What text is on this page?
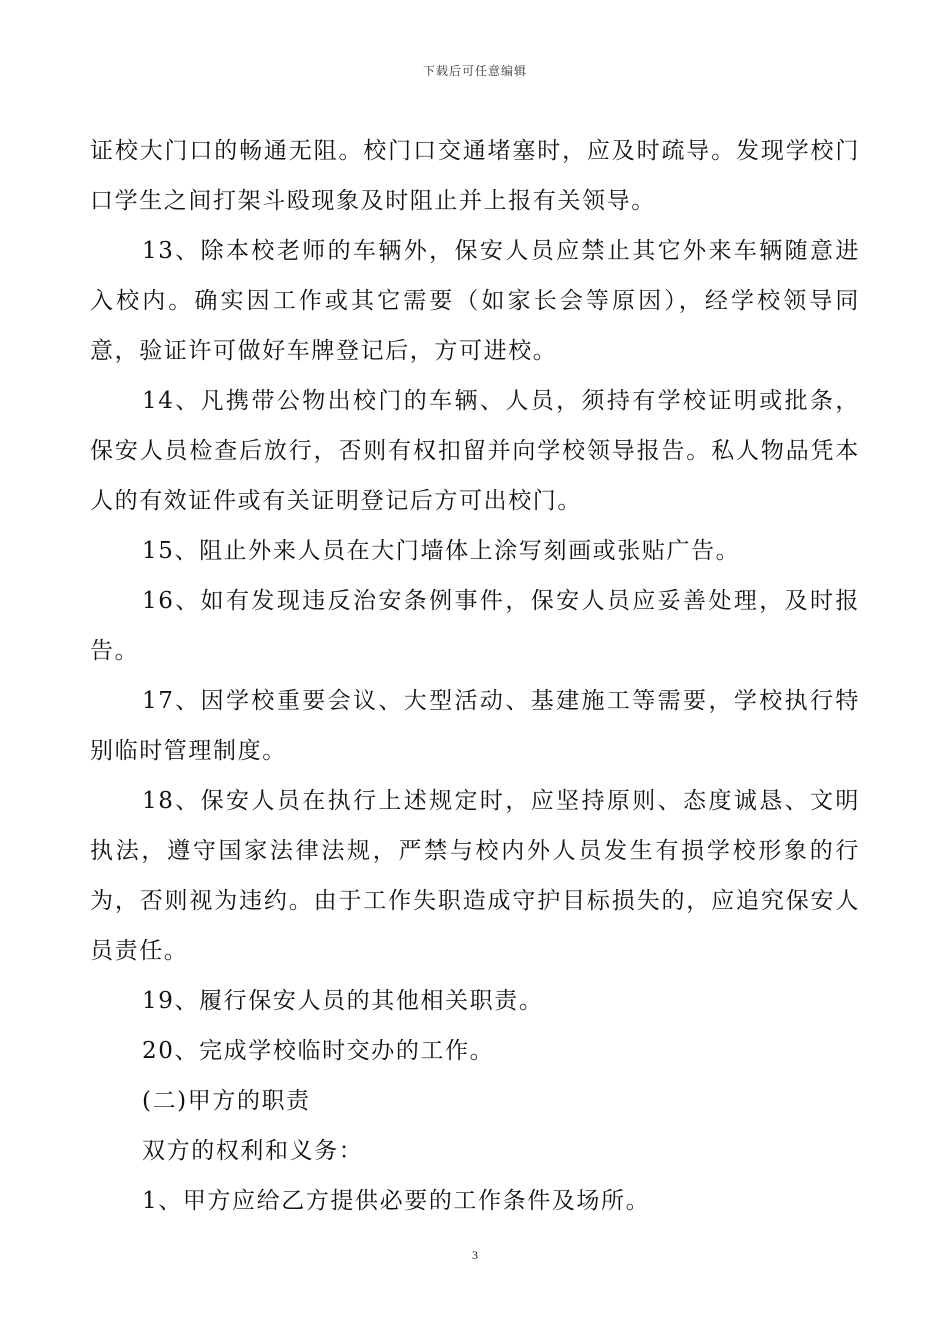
下载后可任意编辑

证校大门口的畅通无阻。校门口交通堵塞时，应及时疏导。发现学校门口学生之间打架斗殴现象及时阻止并上报有关领导。

13、除本校老师的车辆外，保安人员应禁止其它外来车辆随意进入校内。确实因工作或其它需要（如家长会等原因），经学校领导同意，验证许可做好车牌登记后，方可进校。

14、凡携带公物出校门的车辆、人员，须持有学校证明或批条，保安人员检查后放行，否则有权扣留并向学校领导报告。私人物品凭本人的有效证件或有关证明登记后方可出校门。

15、阻止外来人员在大门墙体上涂写刻画或张贴广告。

16、如有发现违反治安条例事件，保安人员应妥善处理，及时报告。

17、因学校重要会议、大型活动、基建施工等需要，学校执行特别临时管理制度。

18、保安人员在执行上述规定时，应坚持原则、态度诚恳、文明执法，遵守国家法律法规，严禁与校内外人员发生有损学校形象的行为，否则视为违约。由于工作失职造成守护目标损失的，应追究保安人员责任。

19、履行保安人员的其他相关职责。

20、完成学校临时交办的工作。

(二)甲方的职责

双方的权利和义务：

1、甲方应给乙方提供必要的工作条件及场所。

3
